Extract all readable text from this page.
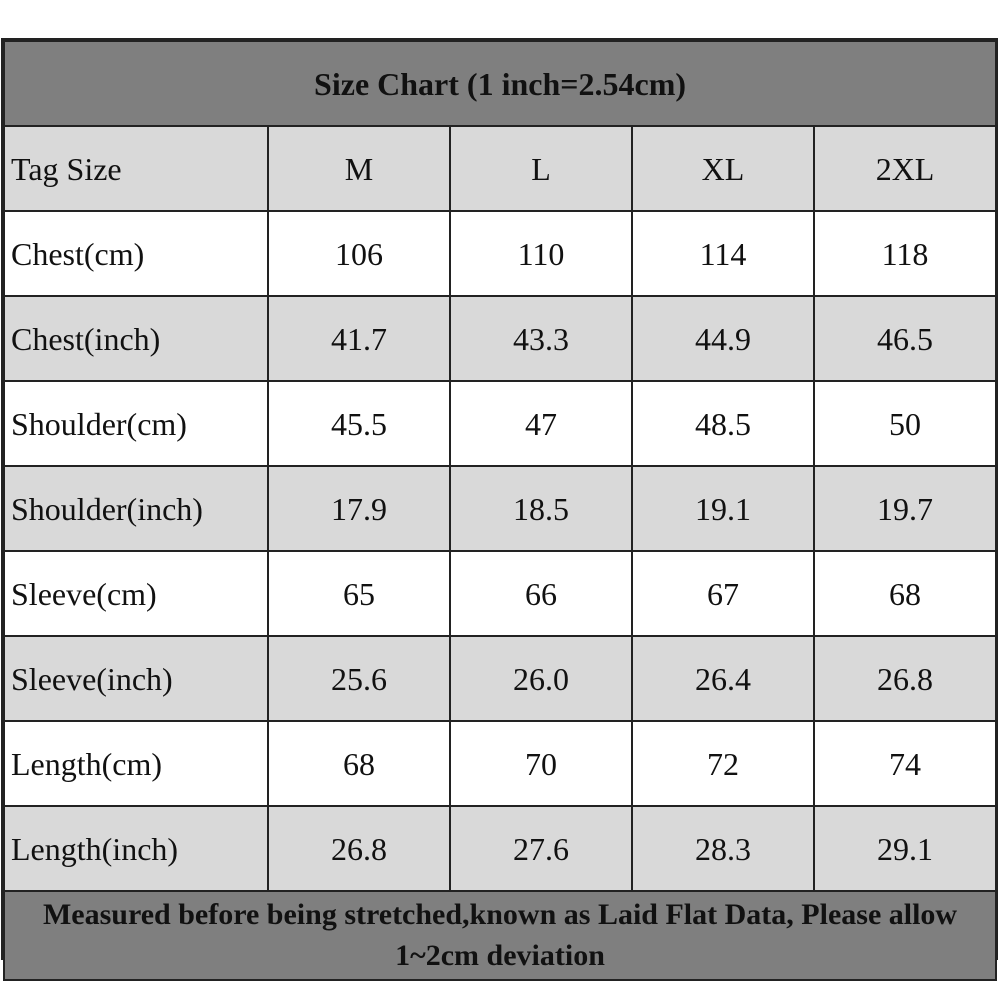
Size Chart (1 inch=2.54cm)				
Tag Size	M	L	XL	2XL
Chest(cm)	106	110	114	118
Chest(inch)	41.7	43.3	44.9	46.5
Shoulder(cm)	45.5	47	48.5	50
Shoulder(inch)	17.9	18.5	19.1	19.7
Sleeve(cm)	65	66	67	68
Sleeve(inch)	25.6	26.0	26.4	26.8
Length(cm)	68	70	72	74
Length(inch)	26.8	27.6	28.3	29.1
Measured before being stretched,known as Laid Flat Data, Please allow 1~2cm deviation				
